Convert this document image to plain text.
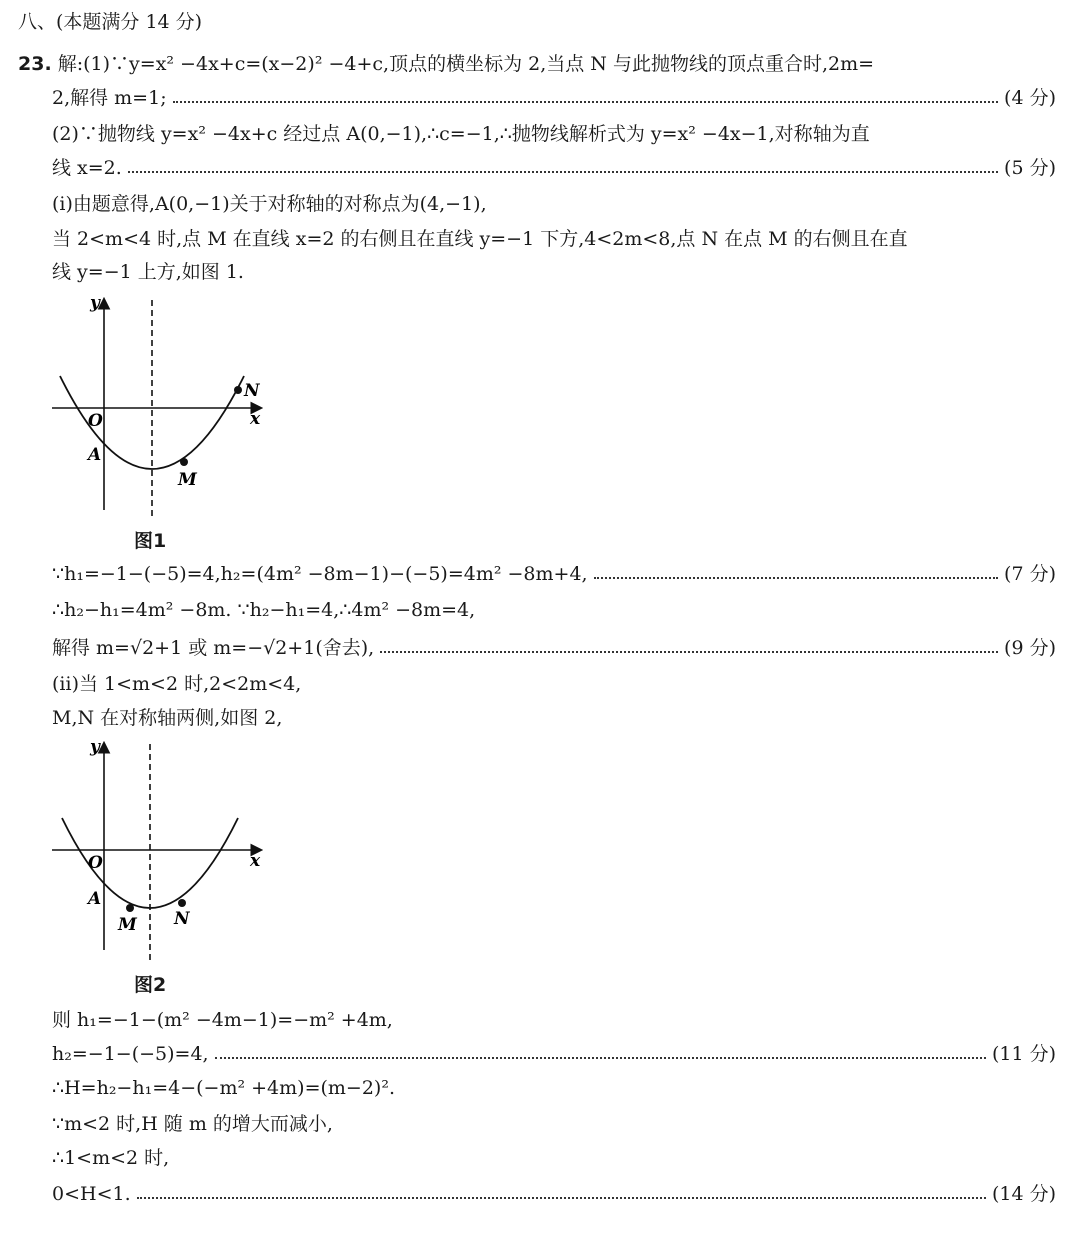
八、(本题满分 14 分)
23. 解:(1)∵y=x² −4x+c=(x−2)² −4+c,顶点的横坐标为 2,当点 N 与此抛物线的顶点重合时,2m=
2,解得 m=1;	(4 分)
(2)∵抛物线 y=x² −4x+c 经过点 A(0,−1),∴c=−1,∴抛物线解析式为 y=x² −4x−1,对称轴为直
线 x=2.	(5 分)
(ⅰ)由题意得,A(0,−1)关于对称轴的对称点为(4,−1),
当 2<m<4 时,点 M 在直线 x=2 的右侧且在直线 y=−1 下方,4<2m<8,点 N 在点 M 的右侧且在直
线 y=−1 上方,如图 1.
y
x
O
A
M
N
图1
∵h₁=−1−(−5)=4,h₂=(4m² −8m−1)−(−5)=4m² −8m+4,	(7 分)
∴h₂−h₁=4m² −8m. ∵h₂−h₁=4,∴4m² −8m=4,
解得 m=√2+1 或 m=−√2+1(舍去),	(9 分)
(ⅱ)当 1<m<2 时,2<2m<4,
M,N 在对称轴两侧,如图 2,
y
x
O
A
M N
图2
则 h₁=−1−(m² −4m−1)=−m² +4m,
h₂=−1−(−5)=4,	(11 分)
∴H=h₂−h₁=4−(−m² +4m)=(m−2)².
∵m<2 时,H 随 m 的增大而减小,
∴1<m<2 时,
0<H<1.	(14 分)
